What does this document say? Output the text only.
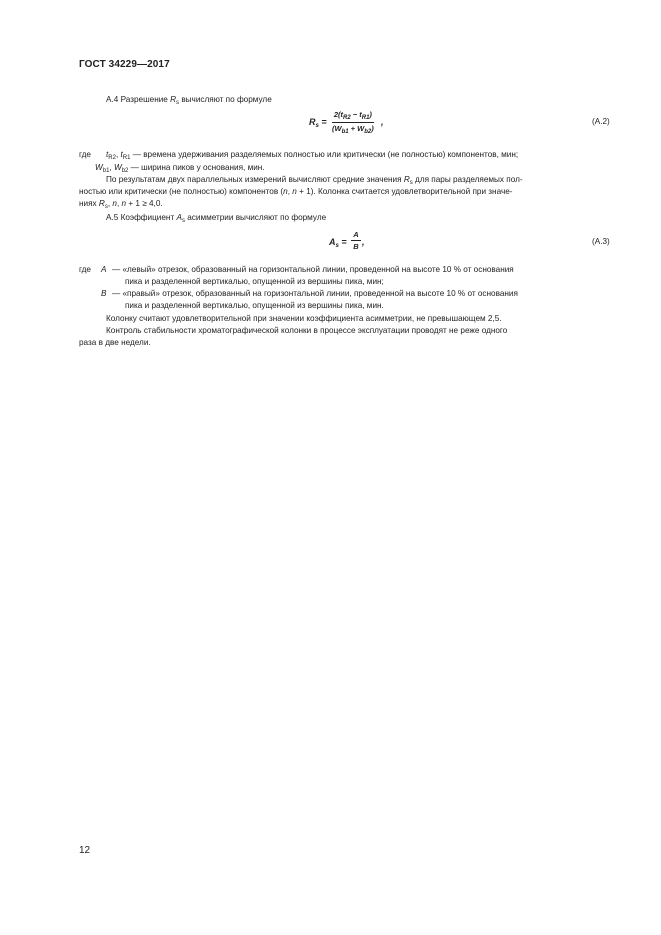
ГОСТ 34229—2017
А.4 Разрешение $R_s$ вычисляют по формуле
$R_s$ =
$2(t_{R2} - t_{R1})$
$(W_{b1} + W_{b2})$
,	(А.2)
где $t_{R2}$, $t_{R1}$ — времена удерживания разделяемых полностью или критически (не полностью) компонентов, мин;
$W_{b1}$, $W_{b2}$ — ширина пиков у основания, мин.
По результатам двух параллельных измерений вычисляют средние значения $R_s$ для пары разделяемых пол-
ностью или критически (не полностью) компонентов (n, n + 1). Колонка считается удовлетворительной при значе-
ниях $R_s$, n, n + 1 ≥ 4,0.
А.5 Коэффициент $A_s$ асимметрии вычисляют по формуле
$A_s$ =
A
B ,	(А.3)
где A — «левый» отрезок, образованный на горизонтальной линии, проведенной на высоте 10 % от основания
пика и разделенной вертикалью, опущенной из вершины пика, мин;
B — «правый» отрезок, образованный на горизонтальной линии, проведенной на высоте 10 % от основания
пика и разделенной вертикалью, опущенной из вершины пика, мин.
Колонку считают удовлетворительной при значении коэффициента асимметрии, не превышающем 2,5.
Контроль стабильности хроматографической колонки в процессе эксплуатации проводят не реже одного
раза в две недели.
12
